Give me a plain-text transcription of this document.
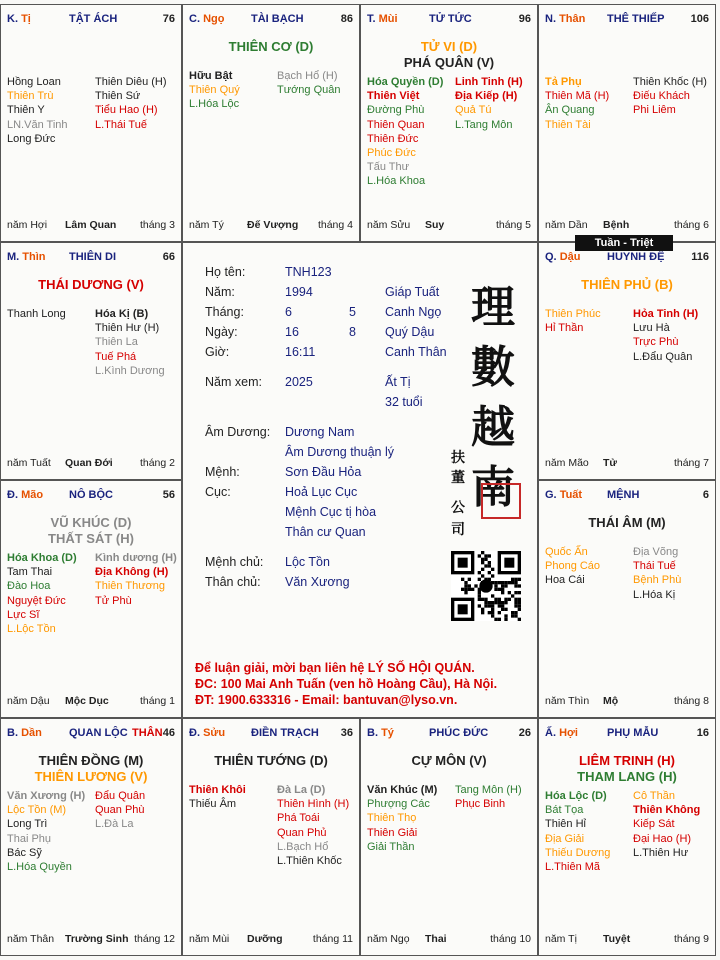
K. Tị	TẬT ÁCH	76
Hồng Loan
Thiên Trù
Thiên Y
LN.Văn Tinh
Long Đức
Thiên Diêu (H)
Thiên Sứ
Tiểu Hao (H)
L.Thái Tuế
năm Hợi Lâm Quan tháng 3
C. Ngọ TÀI BẠCH	86
THIÊN CƠ (D)
Hữu Bật
Thiên Quý
L.Hóa Lộc
Bạch Hổ (H)
Tướng Quân
năm Tý Đế Vượng tháng 4
T. Mùi	TỬ TỨC	96
TỬ VI (D)
PHÁ QUÂN (V)
Hóa Quyền (D)
Thiên Việt
Đường Phù
Thiên Quan
Thiên Đức
Phúc Đức
Tấu Thư
L.Hóa Khoa
Linh Tinh (H)
Địa Kiếp (H)
Quả Tú
L.Tang Môn
năm Sửu Suy	tháng 5
N. Thân THÊ THIẾP 106
Tả Phụ
Thiên Mã (H)
Ân Quang
Thiên Tài
Thiên Khốc (H)
Điếu Khách
Phi Liêm
năm Dần Bệnh	tháng 6
M. Thìn THIÊN DI	66
THÁI DƯƠNG (V)
Thanh Long	Hóa Kị (B)
Thiên Hư (H)
Thiên La
Tuế Phá
L.Kình Dương
năm Tuất Quan Đới	tháng 2
Q. Dậu HUYNH ĐỆ 116
THIÊN PHỦ (B)
Thiên Phúc
Hỉ Thần
Hỏa Tinh (H)
Lưu Hà
Trực Phù
L.Đẩu Quân
năm Mão Tử	tháng 7
Đ. Mão NÔ BỘC	56
VŨ KHÚC (D)
THẤT SÁT (H)
Hóa Khoa (D)
Tam Thai
Đào Hoa
Nguyệt Đức
Lực Sĩ
L.Lộc Tồn
Kình dương (H)
Địa Không (H)
Thiên Thương
Tử Phù
năm Dậu Mộc Dục	tháng 1
G. Tuất MỆNH	6
THÁI ÂM (M)
Quốc Ấn
Phong Cáo
Hoa Cái
Địa Võng
Thái Tuế
Bệnh Phù
L.Hóa Kị
năm Thìn Mộ	tháng 8
B. Dần QUAN LỘC THÂN 46
THIÊN ĐỒNG (M)
THIÊN LƯƠNG (V)
Văn Xương (H)
Lộc Tồn (M)
Long Trì
Thai Phụ
Bác Sỹ
L.Hóa Quyền
Đẩu Quân
Quan Phù
L.Đà La
năm Thân Trường Sinh tháng 12
Đ. Sửu ĐIỀN TRẠCH 36
THIÊN TƯỚNG (D)
Thiên Khôi
Thiếu Âm
Đà La (D)
Thiên Hình (H)
Phá Toái
Quan Phủ
L.Bạch Hổ
L.Thiên Khốc
năm Mùi Dưỡng	tháng 11
B. Tý	PHÚC ĐỨC	26
CỰ MÔN (V)
Văn Khúc (M)
Phượng Các
Thiên Thọ
Thiên Giải
Giải Thần
Tang Môn (H)
Phục Binh
năm Ngọ Thai	tháng 10
Ấ. Hợi	PHỤ MẪU	16
LIÊM TRINH (H)
THAM LANG (H)
Hóa Lộc (D)
Bát Tọa
Thiên Hỉ
Địa Giải
Thiếu Dương
L.Thiên Mã
Cô Thần
Thiên Không
Kiếp Sát
Đại Hao (H)
L.Thiên Hư
năm Tị Tuyệt	tháng 9
Họ tên:	TNH123
Năm:	1994	Giáp Tuất
Tháng:	6	5 Canh Ngọ
Ngày:	16	8 Quý Dậu
Giờ:	16:11	Canh Thân
Năm xem: 2025	Ất Tị
32 tuổi
Âm Dương: Dương Nam
Âm Dương thuận lý
Mệnh:	Sơn Đầu Hỏa
Cục:	Hoả Lục Cục
Mệnh Cục tị hòa
Thân cư Quan
Mệnh chủ: Lộc Tồn
Thân chủ: Văn Xương
理
數
越
南
扶
董
公
司
Để luận giải, mời bạn liên hệ LÝ SỐ HỘI QUÁN.
ĐC: 100 Mai Anh Tuấn (ven hồ Hoàng Cầu), Hà Nội.
ĐT: 1900.633316 - Email: bantuvan@lyso.vn.
Tuần - Triệt
